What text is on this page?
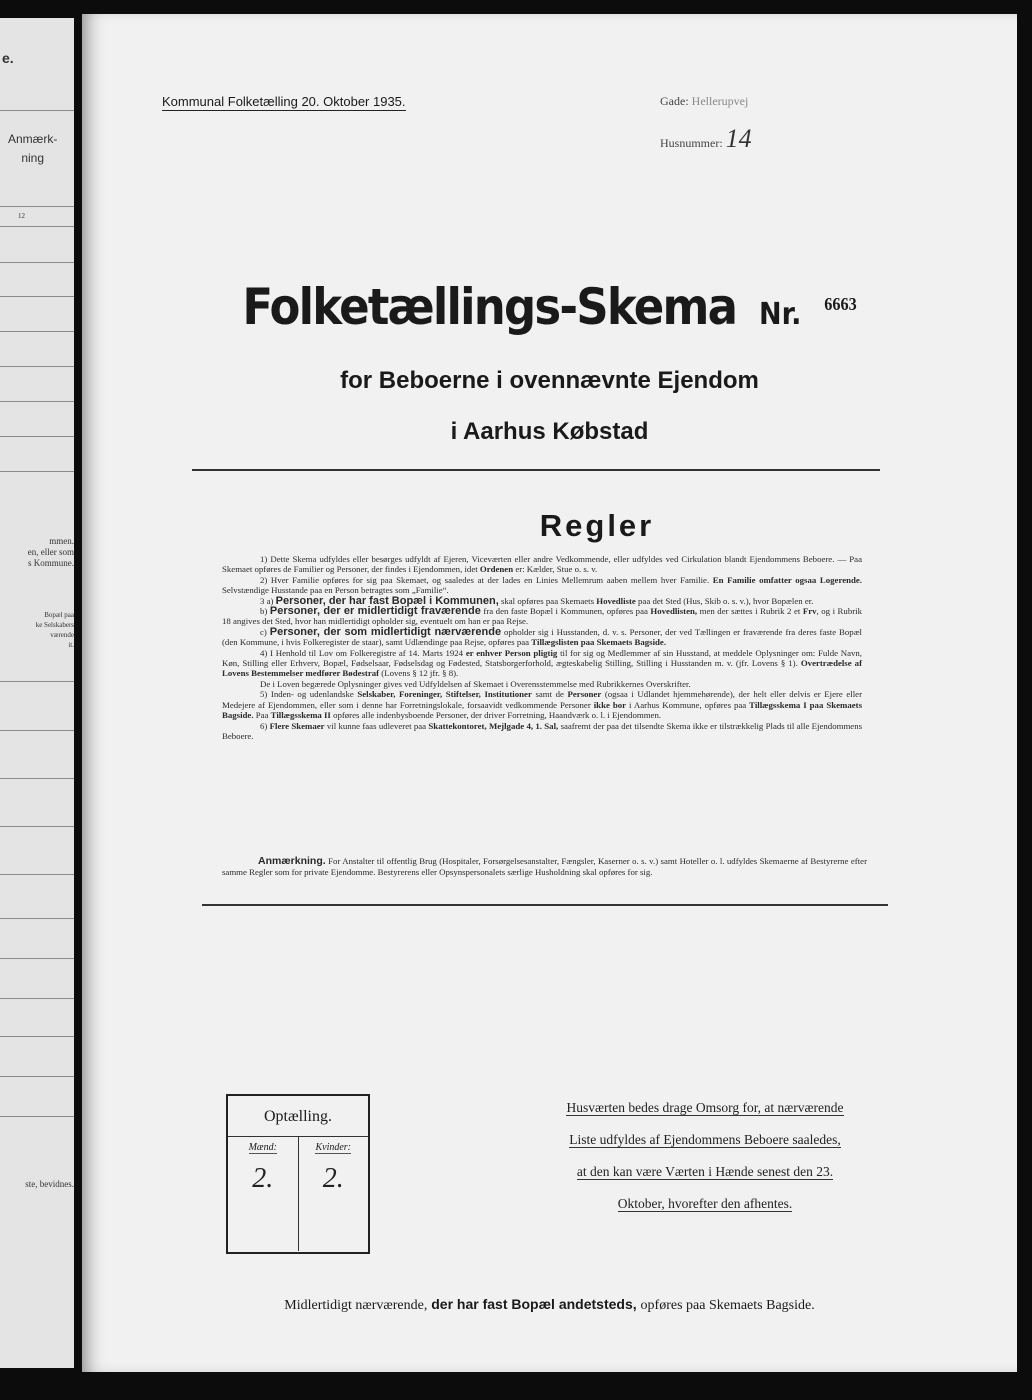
e.
Anmærk-
ning
12
mmen.
en, eller som
s Kommune.
Bopæl paa
ke Selskabers
værende
it.
ste, bevidnes.
Kommunal Folketælling 20. Oktober 1935.	Gade: Hellerupvej
Husnummer: 14
Folketællings-Skema Nr. $^{6663}$
for Beboerne i ovennævnte Ejendom
i Aarhus Købstad
Regler

1) Dette Skema udfyldes eller besørges udfyldt af Ejeren, Viceværten eller andre Vedkommende, eller udfyldes ved Cirkulation blandt Ejendommens Beboere. — Paa Skemaet opføres de Familier og Personer, der findes i Ejendommen, idet Ordenen er: Kælder, Stue o. s. v.

2) Hver Familie opføres for sig paa Skemaet, og saaledes at der lades en Linies Mellemrum aaben mellem hver Familie. En Familie omfatter ogsaa Logerende. Selvstændige Husstande paa en Person betragtes som „Familie“.

3 a) Personer, der har fast Bopæl i Kommunen, skal opføres paa Skemaets Hovedliste paa det Sted (Hus, Skib o. s. v.), hvor Bopælen er.

b) Personer, der er midlertidigt fraværende fra den faste Bopæl i Kommunen, opføres paa Hovedlisten, men der sættes i Rubrik 2 et Frv, og i Rubrik 18 angives det Sted, hvor han midlertidigt opholder sig, eventuelt om han er paa Rejse.

c) Personer, der som midlertidigt nærværende opholder sig i Husstanden, d. v. s. Personer, der ved Tællingen er fraværende fra deres faste Bopæl (den Kommune, i hvis Folkeregister de staar), samt Udlændinge paa Rejse, opføres paa Tillægslisten paa Skemaets Bagside.

4) I Henhold til Lov om Folkeregistre af 14. Marts 1924 er enhver Person pligtig til for sig og Medlemmer af sin Husstand, at meddele Oplysninger om: Fulde Navn, Køn, Stilling eller Erhverv, Bopæl, Fødselsaar, Fødselsdag og Fødested, Statsborgerforhold, ægteskabelig Stilling, Stilling i Husstanden m. v. (jfr. Lovens § 1). Overtrædelse af Lovens Bestemmelser medfører Bødestraf (Lovens § 12 jfr. § 8).

De i Loven begærede Oplysninger gives ved Udfyldelsen af Skemaet i Overensstemmelse med Rubrikkernes Overskrifter.

5) Inden- og udenlandske Selskaber, Foreninger, Stiftelser, Institutioner samt de Personer (ogsaa i Udlandet hjemmehørende), der helt eller delvis er Ejere eller Medejere af Ejendommen, eller som i denne har Forretningslokale, forsaavidt vedkommende Personer ikke bor i Aarhus Kommune, opføres paa Tillægsskema I paa Skemaets Bagside. Paa Tillægsskema II opføres alle indenbysboende Personer, der driver Forretning, Haandværk o. l. i Ejendommen.

6) Flere Skemaer vil kunne faas udleveret paa Skattekontoret, Mejlgade 4, 1. Sal, saafremt der paa det tilsendte Skema ikke er tilstrækkelig Plads til alle Ejendommens Beboere.

Anmærkning. For Anstalter til offentlig Brug (Hospitaler, Forsørgelsesanstalter, Fængsler, Kaserner o. s. v.) samt Hoteller o. l. udfyldes Skemaerne af Bestyrerne efter samme Regler som for private Ejendomme. Bestyrerens eller Opsynspersonalets særlige Husholdning skal opføres for sig.
Optælling.
Mænd:
2.
Kvinder:
2.
Husværten bedes drage Omsorg for, at nærværende
Liste udfyldes af Ejendommens Beboere saaledes,
at den kan være Værten i Hænde senest den 23.
Oktober, hvorefter den afhentes.
Midlertidigt nærværende, der har fast Bopæl andetsteds, opføres paa Skemaets Bagside.
